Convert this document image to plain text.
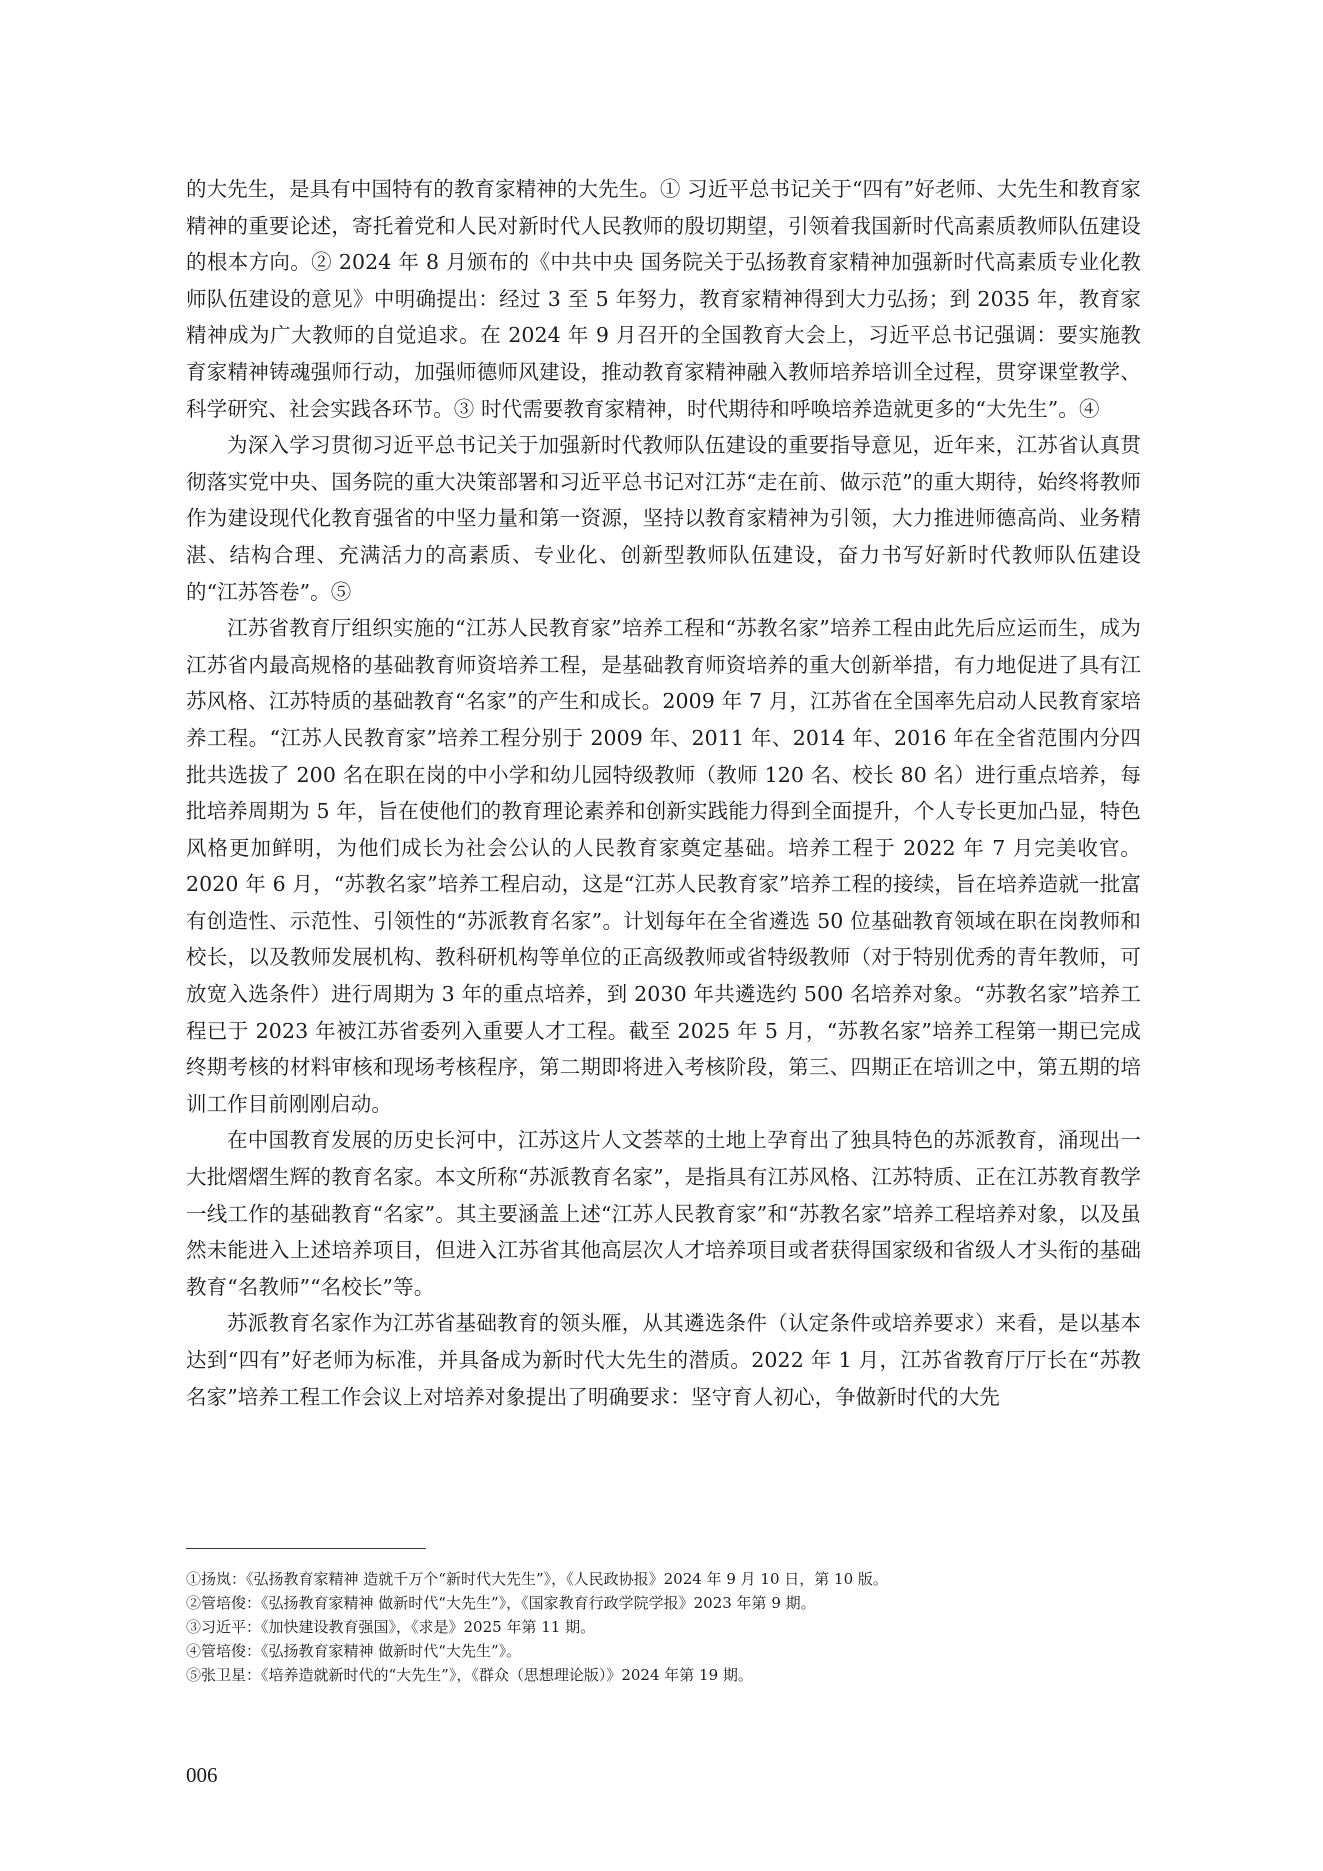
的大先生，是具有中国特有的教育家精神的大先生。① 习近平总书记关于“四有”好老师、大先生和教育家精神的重要论述，寄托着党和人民对新时代人民教师的殷切期望，引领着我国新时代高素质教师队伍建设的根本方向。② 2024 年 8 月颁布的《中共中央 国务院关于弘扬教育家精神加强新时代高素质专业化教师队伍建设的意见》中明确提出：经过 3 至 5 年努力，教育家精神得到大力弘扬；到 2035 年，教育家精神成为广大教师的自觉追求。在 2024 年 9 月召开的全国教育大会上，习近平总书记强调：要实施教育家精神铸魂强师行动，加强师德师风建设，推动教育家精神融入教师培养培训全过程，贯穿课堂教学、科学研究、社会实践各环节。③ 时代需要教育家精神，时代期待和呼唤培养造就更多的“大先生”。④

为深入学习贯彻习近平总书记关于加强新时代教师队伍建设的重要指导意见，近年来，江苏省认真贯彻落实党中央、国务院的重大决策部署和习近平总书记对江苏“走在前、做示范”的重大期待，始终将教师作为建设现代化教育强省的中坚力量和第一资源，坚持以教育家精神为引领，大力推进师德高尚、业务精湛、结构合理、充满活力的高素质、专业化、创新型教师队伍建设，奋力书写好新时代教师队伍建设的“江苏答卷”。⑤

江苏省教育厅组织实施的“江苏人民教育家”培养工程和“苏教名家”培养工程由此先后应运而生，成为江苏省内最高规格的基础教育师资培养工程，是基础教育师资培养的重大创新举措，有力地促进了具有江苏风格、江苏特质的基础教育“名家”的产生和成长。2009 年 7 月，江苏省在全国率先启动人民教育家培养工程。“江苏人民教育家”培养工程分别于 2009 年、2011 年、2014 年、2016 年在全省范围内分四批共选拔了 200 名在职在岗的中小学和幼儿园特级教师（教师 120 名、校长 80 名）进行重点培养，每批培养周期为 5 年，旨在使他们的教育理论素养和创新实践能力得到全面提升，个人专长更加凸显，特色风格更加鲜明，为他们成长为社会公认的人民教育家奠定基础。培养工程于 2022 年 7 月完美收官。2020 年 6 月，“苏教名家”培养工程启动，这是“江苏人民教育家”培养工程的接续，旨在培养造就一批富有创造性、示范性、引领性的“苏派教育名家”。计划每年在全省遴选 50 位基础教育领域在职在岗教师和校长，以及教师发展机构、教科研机构等单位的正高级教师或省特级教师（对于特别优秀的青年教师，可放宽入选条件）进行周期为 3 年的重点培养，到 2030 年共遴选约 500 名培养对象。“苏教名家”培养工程已于 2023 年被江苏省委列入重要人才工程。截至 2025 年 5 月，“苏教名家”培养工程第一期已完成终期考核的材料审核和现场考核程序，第二期即将进入考核阶段，第三、四期正在培训之中，第五期的培训工作目前刚刚启动。

在中国教育发展的历史长河中，江苏这片人文荟萃的土地上孕育出了独具特色的苏派教育，涌现出一大批熠熠生辉的教育名家。本文所称“苏派教育名家”，是指具有江苏风格、江苏特质、正在江苏教育教学一线工作的基础教育“名家”。其主要涵盖上述“江苏人民教育家”和“苏教名家”培养工程培养对象，以及虽然未能进入上述培养项目，但进入江苏省其他高层次人才培养项目或者获得国家级和省级人才头衔的基础教育“名教师”“名校长”等。

苏派教育名家作为江苏省基础教育的领头雁，从其遴选条件（认定条件或培养要求）来看，是以基本达到“四有”好老师为标准，并具备成为新时代大先生的潜质。2022 年 1 月，江苏省教育厅厅长在“苏教名家”培养工程工作会议上对培养对象提出了明确要求：坚守育人初心，争做新时代的大先

①扬岚：《弘扬教育家精神 造就千万个“新时代大先生”》，《人民政协报》2024 年 9 月 10 日，第 10 版。

②管培俊：《弘扬教育家精神 做新时代“大先生”》，《国家教育行政学院学报》2023 年第 9 期。

③习近平：《加快建设教育强国》，《求是》2025 年第 11 期。

④管培俊：《弘扬教育家精神 做新时代“大先生”》。

⑤张卫星：《培养造就新时代的“大先生”》，《群众（思想理论版）》2024 年第 19 期。

006
